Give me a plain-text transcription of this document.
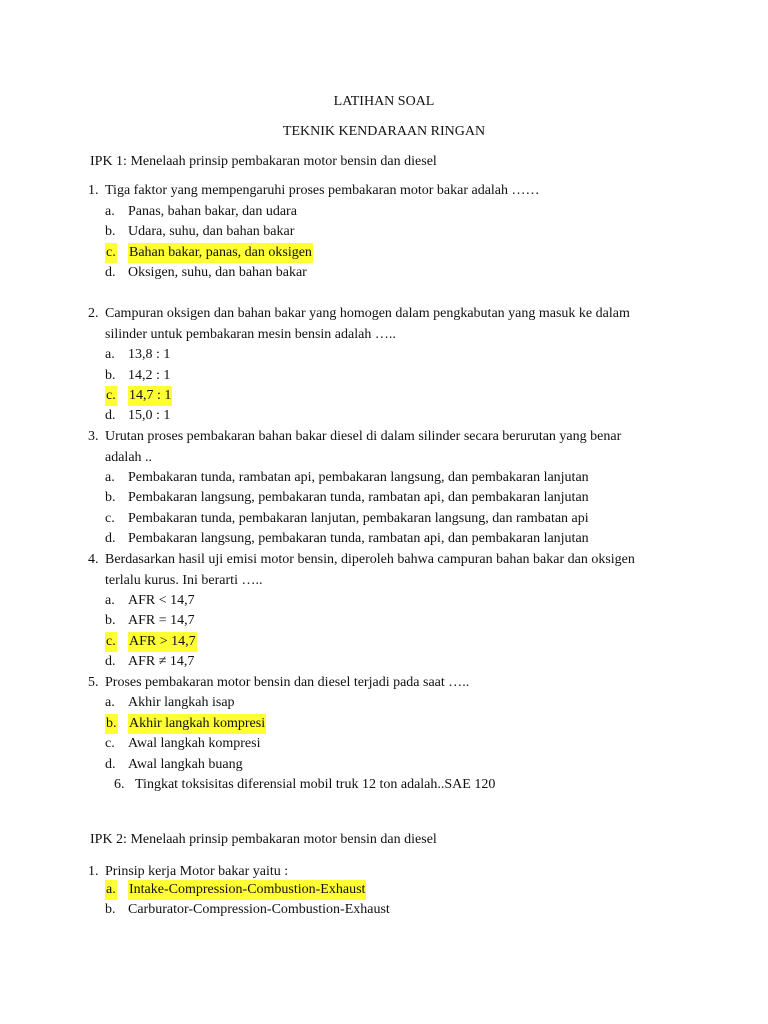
LATIHAN SOAL
TEKNIK KENDARAAN RINGAN
IPK 1: Menelaah prinsip pembakaran motor bensin dan diesel
1. Tiga faktor yang mempengaruhi proses pembakaran motor bakar adalah ……
a. Panas, bahan bakar, dan udara
b. Udara, suhu, dan bahan bakar
c. Bahan bakar, panas, dan oksigen
d. Oksigen, suhu, dan bahan bakar
2. Campuran oksigen dan bahan bakar yang homogen dalam pengkabutan yang masuk ke dalam
silinder untuk pembakaran mesin bensin adalah …..
a. 13,8 : 1
b. 14,2 : 1
c. 14,7 : 1
d. 15,0 : 1
3. Urutan proses pembakaran bahan bakar diesel di dalam silinder secara berurutan yang benar
adalah ..
a. Pembakaran tunda, rambatan api, pembakaran langsung, dan pembakaran lanjutan
b. Pembakaran langsung, pembakaran tunda, rambatan api, dan pembakaran lanjutan
c. Pembakaran tunda, pembakaran lanjutan, pembakaran langsung, dan rambatan api
d. Pembakaran langsung, pembakaran tunda, rambatan api, dan pembakaran lanjutan
4. Berdasarkan hasil uji emisi motor bensin, diperoleh bahwa campuran bahan bakar dan oksigen
terlalu kurus. Ini berarti …..
a. AFR < 14,7
b. AFR = 14,7
c. AFR > 14,7
d. AFR ≠ 14,7
5. Proses pembakaran motor bensin dan diesel terjadi pada saat …..
a. Akhir langkah isap
b. Akhir langkah kompresi
c. Awal langkah kompresi
d. Awal langkah buang
6. Tingkat toksisitas diferensial mobil truk 12 ton adalah..SAE 120
IPK 2: Menelaah prinsip pembakaran motor bensin dan diesel
1. Prinsip kerja Motor bakar yaitu :
a. Intake-Compression-Combustion-Exhaust
b. Carburator-Compression-Combustion-Exhaust
